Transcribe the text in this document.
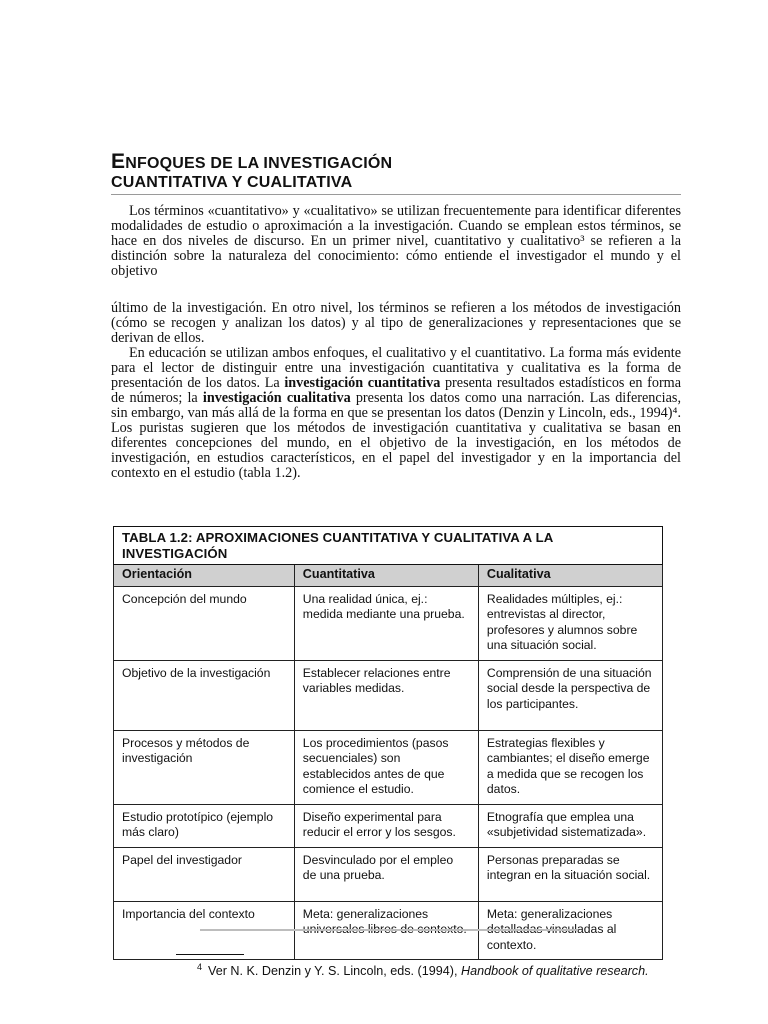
ENFOQUES DE LA INVESTIGACIÓN
CUANTITATIVA Y CUALITATIVA

Los términos «cuantitativo» y «cualitativo» se utilizan frecuentemente para identificar diferentes modalidades de estudio o aproximación a la investigación. Cuando se emplean estos términos, se hace en dos niveles de discurso. En un primer nivel, cuantitativo y cualitativo³ se refieren a la distinción sobre la naturaleza del conocimiento: cómo entiende el investigador el mundo y el objetivo

último de la investigación. En otro nivel, los términos se refieren a los métodos de investigación (cómo se recogen y analizan los datos) y al tipo de generalizaciones y representaciones que se derivan de ellos.

En educación se utilizan ambos enfoques, el cualitativo y el cuantitativo. La forma más evidente para el lector de distinguir entre una investigación cuantitativa y cualitativa es la forma de presentación de los datos. La investigación cuantitativa presenta resultados estadísticos en forma de números; la investigación cualitativa presenta los datos como una narración. Las diferencias, sin embargo, van más allá de la forma en que se presentan los datos (Denzin y Lincoln, eds., 1994)⁴. Los puristas sugieren que los métodos de investigación cuantitativa y cualitativa se basan en diferentes concepciones del mundo, en el objetivo de la investigación, en los métodos de investigación, en estudios característicos, en el papel del investigador y en la importancia del contexto en el estudio (tabla 1.2).

TABLA 1.2: APROXIMACIONES CUANTITATIVA Y CUALITATIVA A LA INVESTIGACIÓN		
Orientación	Cuantitativa	Cualitativa
Concepción del mundo	Una realidad única, ej.: medida mediante una prueba.	Realidades múltiples, ej.: entrevistas al director, profesores y alumnos sobre una situación social.
Objetivo de la investigación	Establecer relaciones entre variables medidas.	Comprensión de una situación social desde la perspectiva de los participantes.
Procesos y métodos de investigación	Los procedimientos (pasos secuenciales) son establecidos antes de que comience el estudio.	Estrategias flexibles y cambiantes; el diseño emerge a medida que se recogen los datos.
Estudio prototípico (ejemplo más claro)	Diseño experimental para reducir el error y los sesgos.	Etnografía que emplea una «subjetividad sistematizada».
Papel del investigador	Desvinculado por el empleo de una prueba.	Personas preparadas se integran en la situación social.
Importancia del contexto	Meta: generalizaciones universales libres de contexto.	Meta: generalizaciones detalladas vinculadas al contexto.
$^4$ Ver N. K. Denzin y Y. S. Lincoln, eds. (1994), Handbook of qualitative research.
